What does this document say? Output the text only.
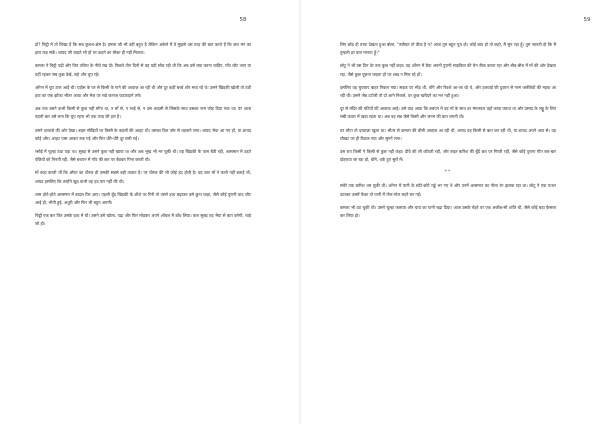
58

हो? चिट्ठी में तो लिखा है कि सब कुशल-क्षेम है। हमारा जी भी वहीं बहुत है लेकिन अकेले में वे मुझसे उस तरह की बात करते हैं कि ज़रा मन का हाल कह सकें। शायद जी चाहते भी हों पर कहने का मौका ही नहीं मिलता।

कमला ने चिट्ठी पढ़ी और फिर तकिए के नीचे रख दी। पिछले तीन दिनों से वह यही सोच रही थी कि अब उसे क्या करना चाहिए, गाँव लौट जाए या यहीं रहकर सब कुछ देखे, सहे और चुप रहे।

आँगन में धूप उतर आई थी। पड़ोस के घर से किसी के गाने की आवाज़ आ रही थी और दूर कहीं बच्चे शोर मचा रहे थे। उसने खिड़की खोली तो ठंडी हवा का एक झोंका भीतर आया और मेज़ पर रखे कागज़ फड़फड़ाने लगे।

अब तक उसने कभी किसी से कुछ नहीं माँगा था, न माँ से, न भाई से, न उस आदमी से जिसके साथ उसका नाम जोड़ दिया गया था। पर आज पहली बार उसे लगा कि चुप रहना भी एक तरह की हार है।

उसने दरवाज़े की ओर देखा। बाहर सीढ़ियों पर किसी के कदमों की आहट थी। उसका दिल ज़ोर से धड़कने लगा। शायद भैया आ गए हों, या शायद कोई और। आहट पास आकर रुक गई और फिर धीरे-धीरे दूर चली गई।

रसोई में चूल्हा ठंडा पड़ा था। सुबह से उसने कुछ नहीं खाया था और अब भूख भी मर चुकी थी। वह खिड़की के पास बैठी रही, आसमान में उड़ते पंछियों को गिनती रही, जैसे बचपन में गाँव की छत पर बैठकर गिना करती थी।

माँ कहा करती थीं कि औरत का धीरज ही उसकी सबसे बड़ी ताकत है। पर धीरज की भी कोई हद होती है। यह बात माँ ने कभी नहीं बताई थी, शायद इसलिए कि उन्होंने खुद कभी वह हद पार नहीं की थी।

शाम होते-होते आसमान में बादल घिर आए। पहली बूँद खिड़की के शीशे पर गिरी तो उसने हाथ बढ़ाकर उसे छूना चाहा, जैसे कोई पुरानी याद लौट आई हो, भीगी हुई, अधूरी और फिर भी बहुत अपनी।

चिट्ठी एक बार फिर उसके हाथ में थी। उसने उसे खोला, पढ़ा और फिर मोड़कर अपने आँचल में बाँध लिया। कल सुबह वह भैया से बात करेगी, चाहे जो हो।

59

लिए छोड़ दी तरफ़ देखता हुआ बोला, "तबीयत तो ठीक है न? आज तुम बहुत चुप हो। कोई बात हो तो कहो, मैं सुन रहा हूँ। तुम जानती हो कि मैं तुम्हारी हर बात मानता हूँ।"

छोटू ने भी उस दिन देर तक कुछ नहीं कहा। वह आँगन में बैठा अपनी पुरानी साइकिल की चेन ठीक करता रहा और बीच-बीच में माँ की ओर देखता रहा, जैसे कुछ पूछना चाहता हो पर शब्द न मिल रहे हों।

इसलिए वह चुपचाप बाहर निकल गया। सड़क पर भीड़ थी, ताँगे और रिक्शे आ-जा रहे थे, और हलवाई की दुकान से गरम जलेबियों की महक आ रही थी। उसने जेब टटोली तो दो आने निकले, पर कुछ खरीदने का मन नहीं हुआ।

दूर से मंदिर की घंटियों की आवाज़ आई। उसे याद आया कि बचपन में वह माँ के साथ हर मंगलवार वहाँ जाया करता था और प्रसाद के लड्डू के लिए लंबी कतार में खड़ा रहता था। अब वह सब जैसे किसी और जनम की बात लगती थी।

घर लौटा तो दरवाज़ा खुला था। भीतर से कमला की धीमी आवाज़ आ रही थी, शायद वह किसी से बात कर रही थी, या शायद अपने आप से। वह चौखट पर ही ठिठक गया और सुनने लगा।

उस रात किसी ने किसी से कुछ नहीं कहा। दीये की लौ काँपती रही, और बाहर बारिश की बूँदें छत पर गिरती रहीं, जैसे कोई पुराना गीत बार-बार दोहराया जा रहा हो, धीमे, थके हुए सुरों में।

**

सवेरे तक बारिश थम चुकी थी। आँगन में पानी के छोटे-छोटे गड्ढे भर गए थे और उनमें आसमान का नीला रंग झलक रहा था। छोटू ने एक पत्थर उठाकर उसमें फेंका तो पानी में गोल-गोल लहरें बन गईं।

कमला भी उठ चुकी थी। उसने चूल्हा जलाया और चाय का पानी चढ़ा दिया। आज उसके चेहरे पर एक अजीब-सी शांति थी, जैसे कोई बड़ा फ़ैसला कर लिया हो।
